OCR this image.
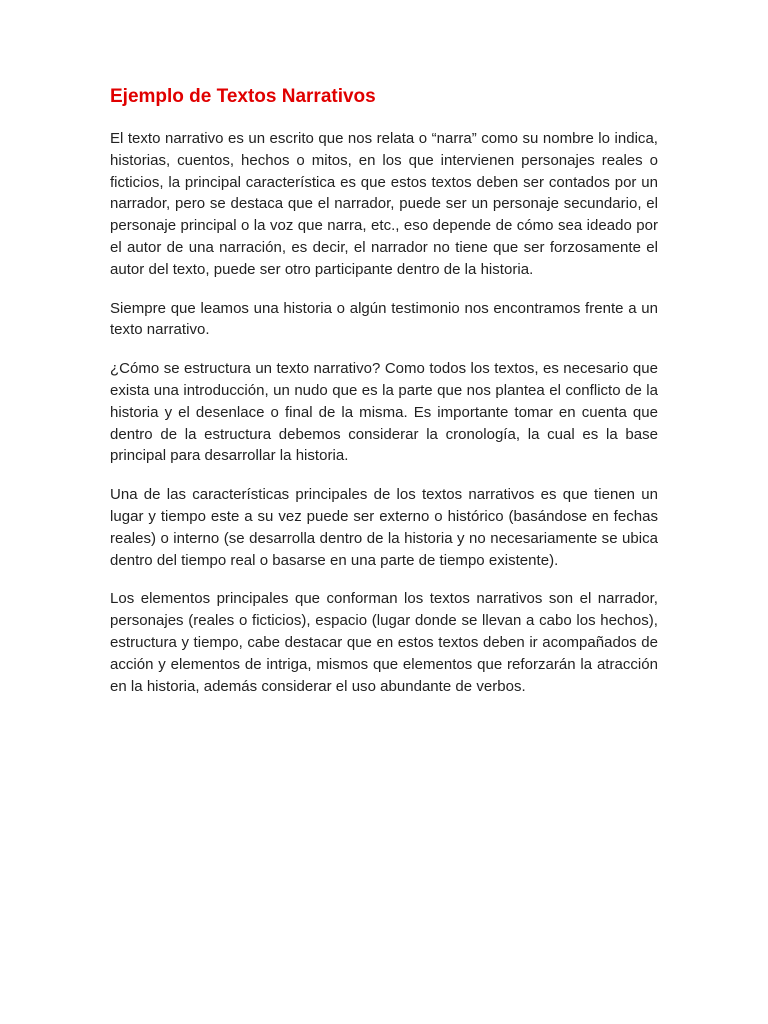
Ejemplo de Textos Narrativos

El texto narrativo es un escrito que nos relata o “narra” como su nombre lo indica, historias, cuentos, hechos o mitos, en los que intervienen personajes reales o ficticios, la principal característica es que estos textos deben ser contados por un narrador, pero se destaca que el narrador, puede ser un personaje secundario, el personaje principal o la voz que narra, etc., eso depende de cómo sea ideado por el autor de una narración, es decir, el narrador no tiene que ser forzosamente el autor del texto, puede ser otro participante dentro de la historia.

Siempre que leamos una historia o algún testimonio nos encontramos frente a un texto narrativo.

¿Cómo se estructura un texto narrativo? Como todos los textos, es necesario que exista una introducción, un nudo que es la parte que nos plantea el conflicto de la historia y el desenlace o final de la misma. Es importante tomar en cuenta que dentro de la estructura debemos considerar la cronología, la cual es la base principal para desarrollar la historia.

Una de las características principales de los textos narrativos es que tienen un lugar y tiempo este a su vez puede ser externo o histórico (basándose en fechas reales) o interno (se desarrolla dentro de la historia y no necesariamente se ubica dentro del tiempo real o basarse en una parte de tiempo existente).

Los elementos principales que conforman los textos narrativos son el narrador, personajes (reales o ficticios), espacio (lugar donde se llevan a cabo los hechos), estructura y tiempo, cabe destacar que en estos textos deben ir acompañados de acción y elementos de intriga, mismos que elementos que reforzarán la atracción en la historia, además considerar el uso abundante de verbos.
